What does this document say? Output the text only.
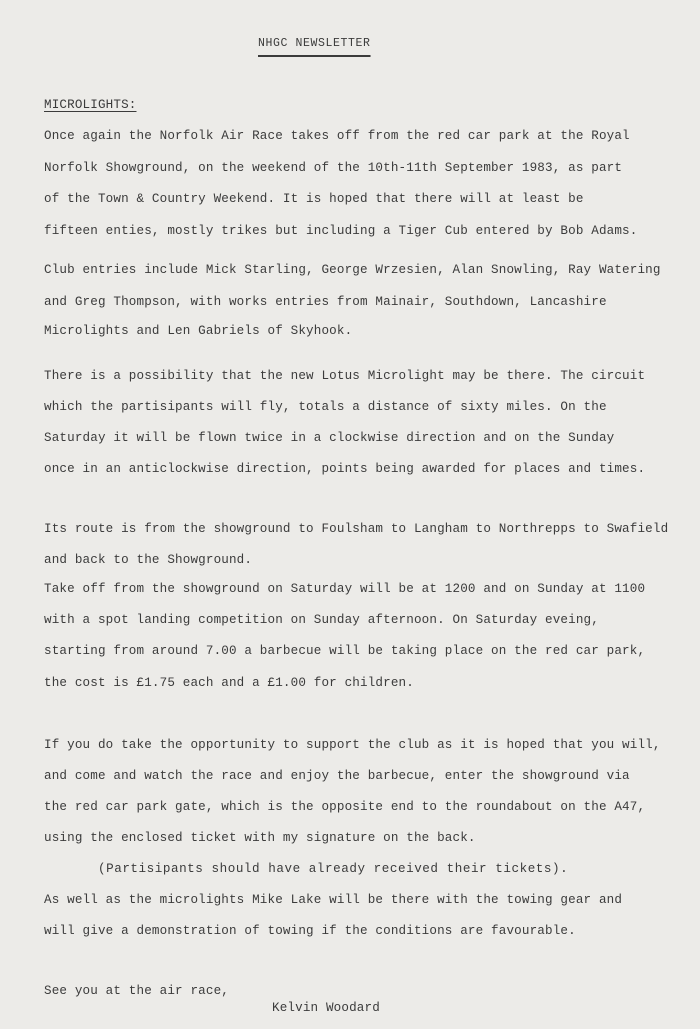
NHGC NEWSLETTER
MICROLIGHTS:
Once again the Norfolk Air Race takes off from the red car park at the Royal
Norfolk Showground, on the weekend of the 10th-11th September 1983, as part
of the Town & Country Weekend. It is hoped that there will at least be
fifteen enties, mostly trikes but including a Tiger Cub entered by Bob Adams.
Club entries include Mick Starling, George Wrzesien, Alan Snowling, Ray Watering
and Greg Thompson, with works entries from Mainair, Southdown, Lancashire
Microlights and Len Gabriels of Skyhook.
There is a possibility that the new Lotus Microlight may be there. The circuit
which the partisipants will fly, totals a distance of sixty miles. On the
Saturday it will be flown twice in a clockwise direction and on the Sunday
once in an anticlockwise direction, points being awarded for places and times.
Its route is from the showground to Foulsham to Langham to Northrepps to Swafield
and back to the Showground.
Take off from the showground on Saturday will be at 1200 and on Sunday at 1100
with a spot landing competition on Sunday afternoon. On Saturday eveing,
starting from around 7.00 a barbecue will be taking place on the red car park,
the cost is £1.75 each and a £1.00 for children.
If you do take the opportunity to support the club as it is hoped that you will,
and come and watch the race and enjoy the barbecue, enter the showground via
the red car park gate, which is the opposite end to the roundabout on the A47,
using the enclosed ticket with my signature on the back.
(Partisipants should have already received their tickets).
As well as the microlights Mike Lake will be there with the towing gear and
will give a demonstration of towing if the conditions are favourable.
See you at the air race,
Kelvin Woodard
